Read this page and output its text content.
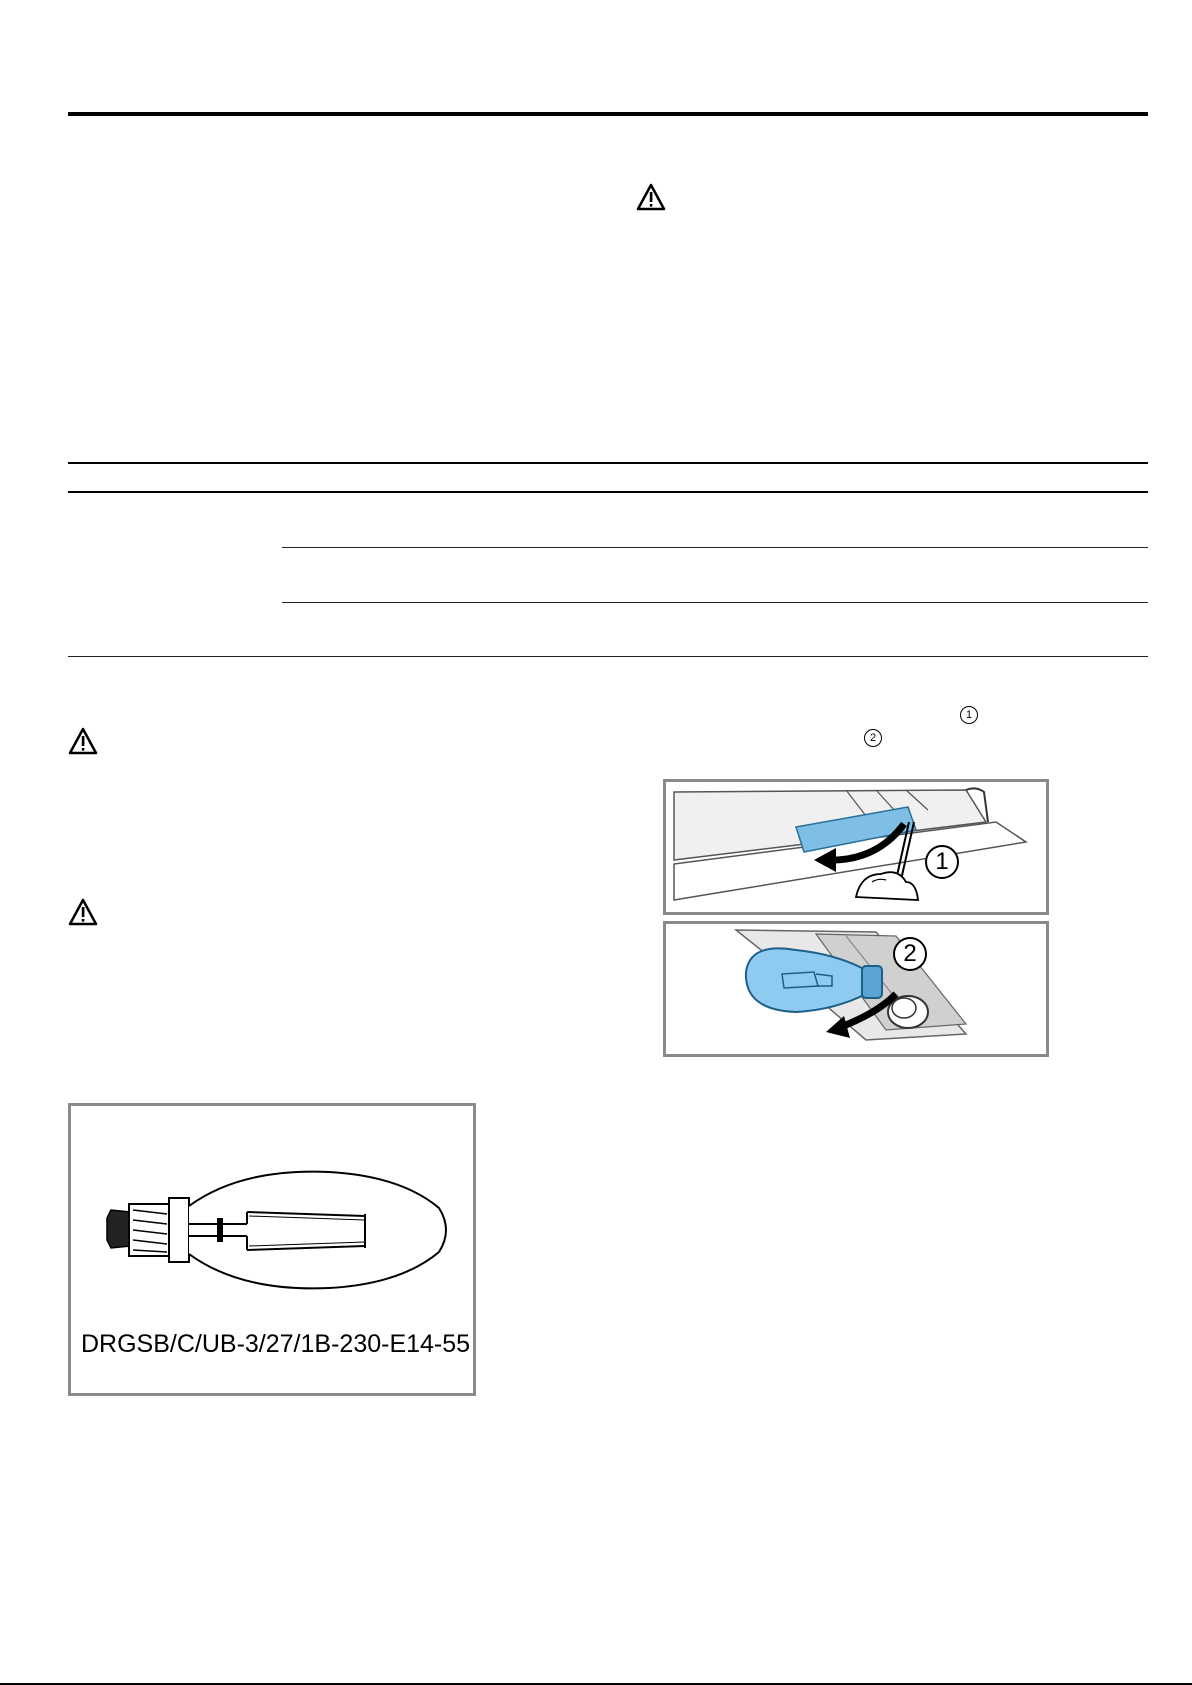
1
2
1
2
DRGSB/C/UB-3/27/1B-230-E14-55
